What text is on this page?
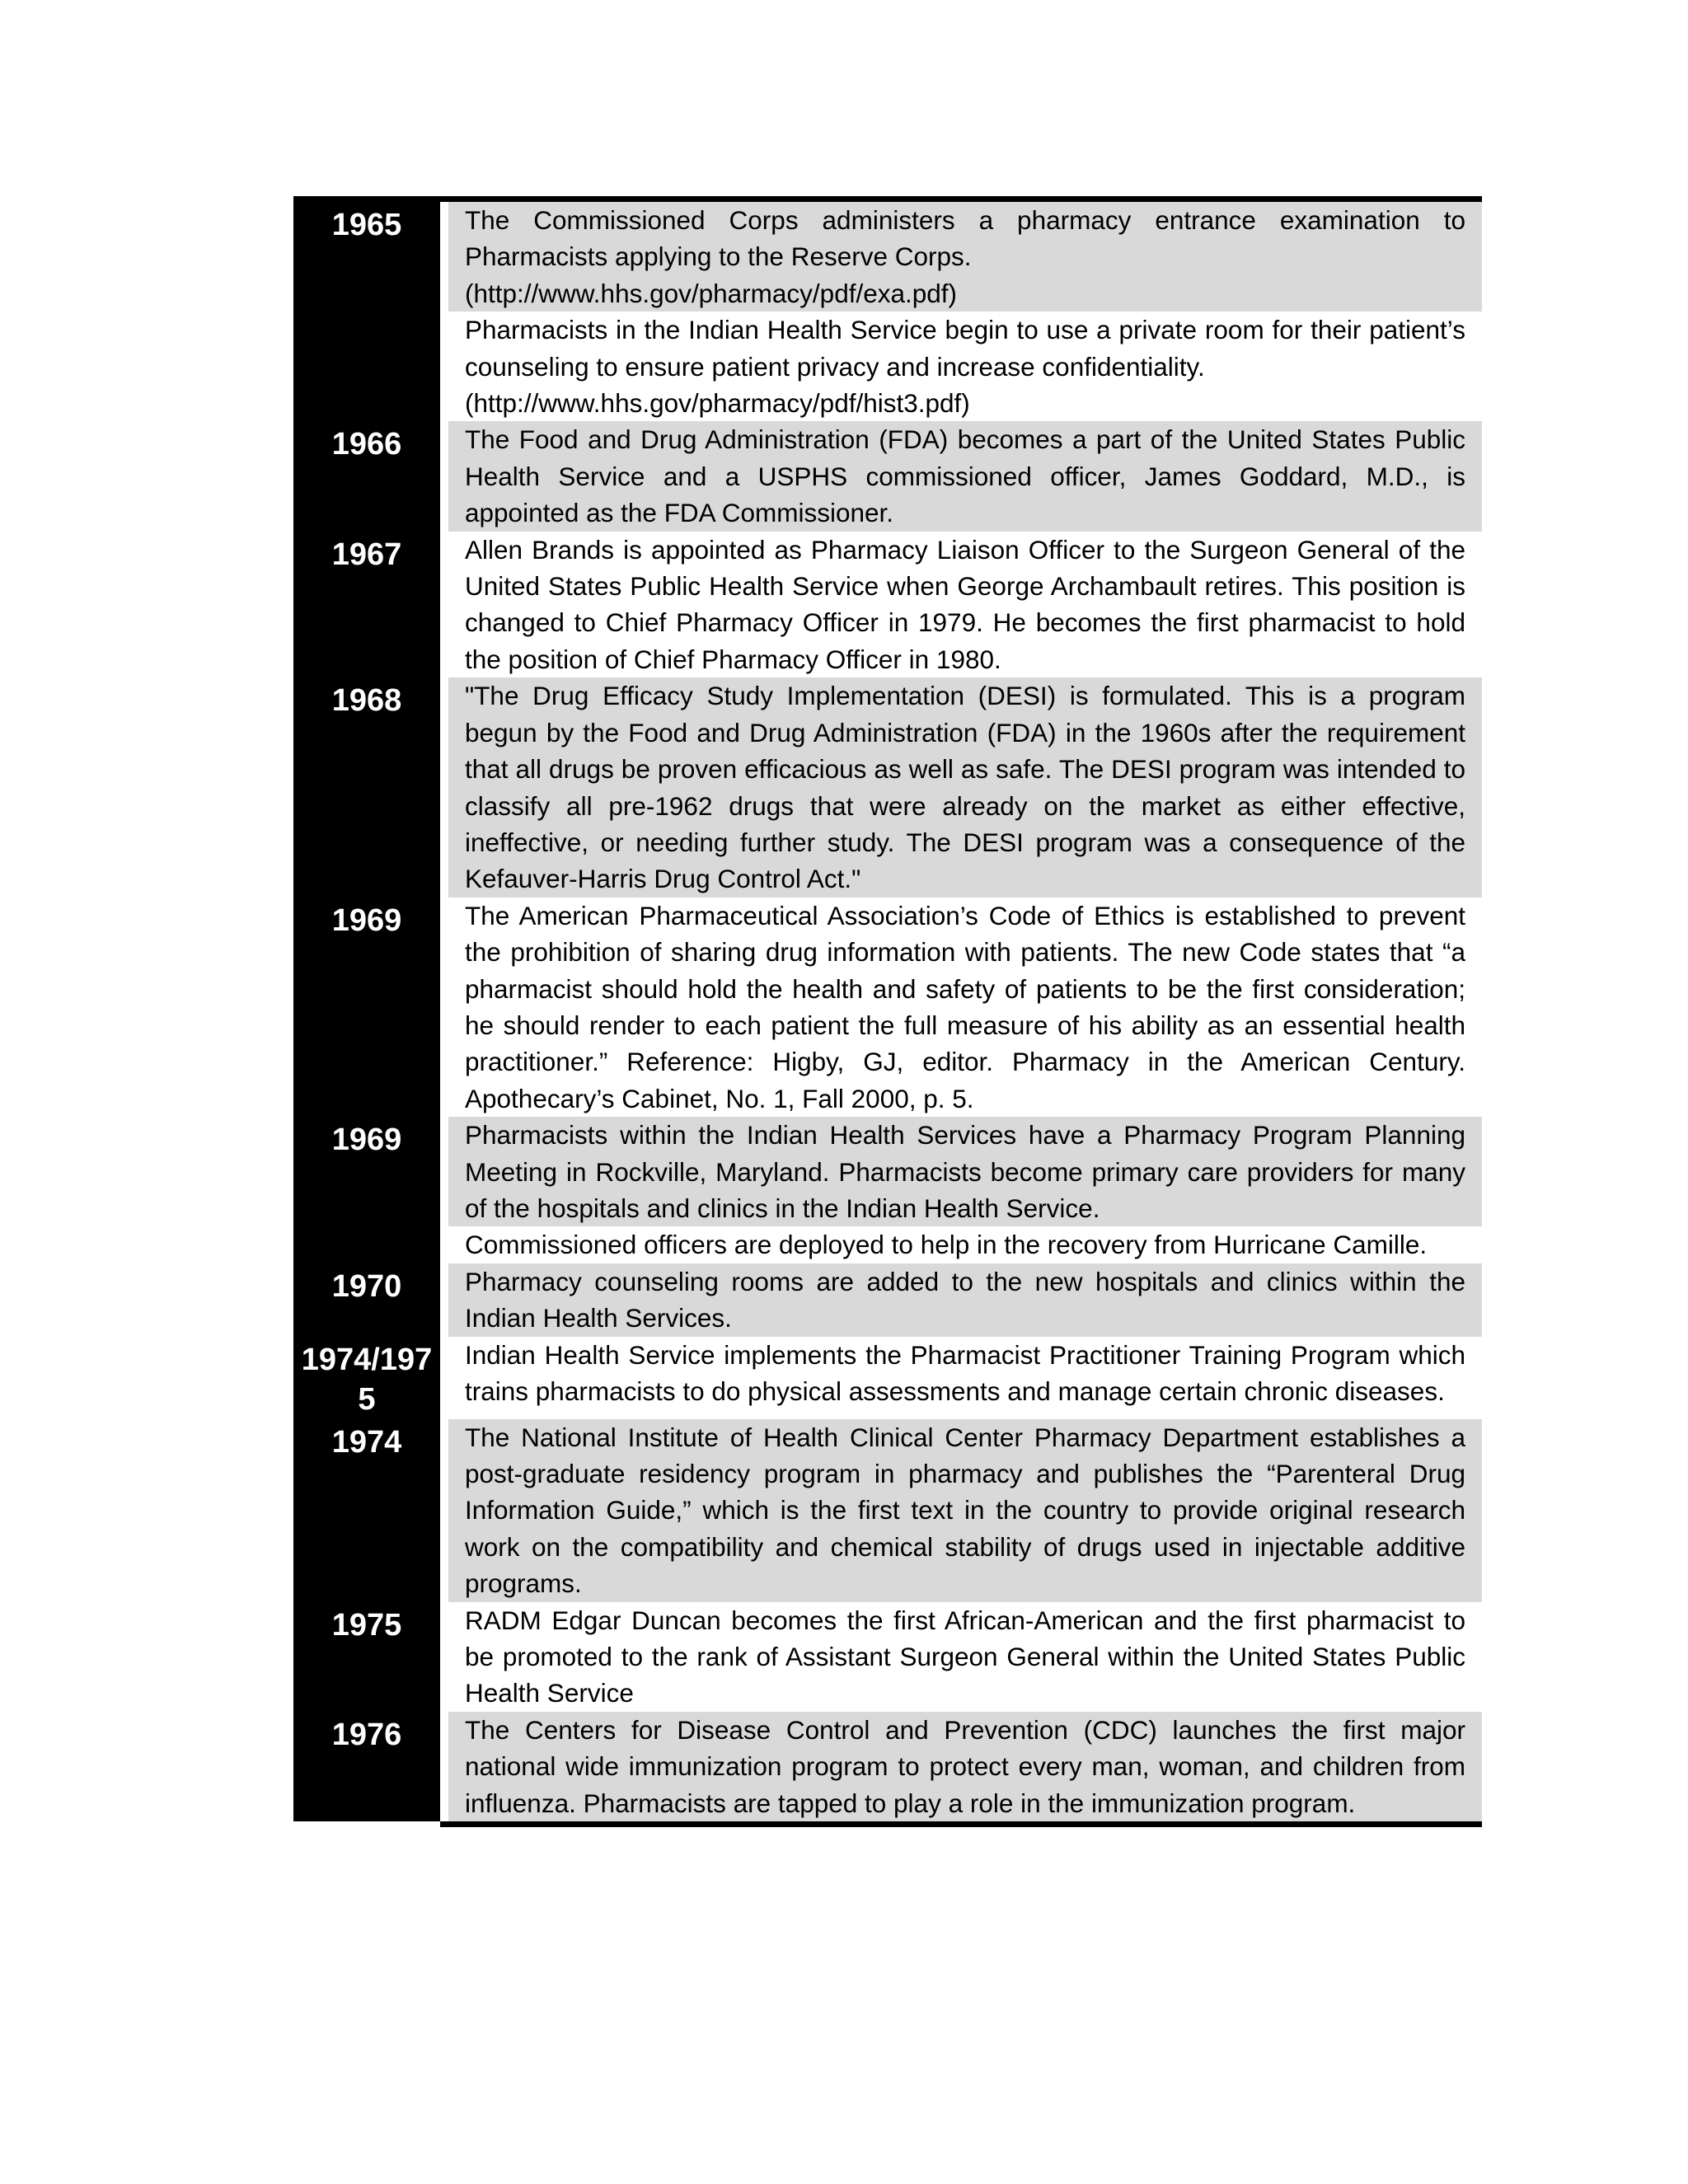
1965		The Commissioned Corps administers a pharmacy entrance examination to Pharmacists applying to the Reserve Corps.
(http://www.hhs.gov/pharmacy/pdf/exa.pdf)

		Pharmacists in the Indian Health Service begin to use a private room for their patient’s counseling to ensure patient privacy and increase confidentiality.
(http://www.hhs.gov/pharmacy/pdf/hist3.pdf)

1966		The Food and Drug Administration (FDA) becomes a part of the United States Public Health Service and a USPHS commissioned officer, James Goddard, M.D., is appointed as the FDA Commissioner.

1967		Allen Brands is appointed as Pharmacy Liaison Officer to the Surgeon General of the United States Public Health Service when George Archambault retires. This position is changed to Chief Pharmacy Officer in 1979. He becomes the first pharmacist to hold the position of Chief Pharmacy Officer in 1980.

1968		"The Drug Efficacy Study Implementation (DESI) is formulated. This is a program begun by the Food and Drug Administration (FDA) in the 1960s after the requirement that all drugs be proven efficacious as well as safe. The DESI program was intended to classify all pre-1962 drugs that were already on the market as either effective, ineffective, or needing further study. The DESI program was a consequence of the Kefauver-Harris Drug Control Act."

1969		The American Pharmaceutical Association’s Code of Ethics is established to prevent the prohibition of sharing drug information with patients. The new Code states that “a pharmacist should hold the health and safety of patients to be the first consideration; he should render to each patient the full measure of his ability as an essential health practitioner.” Reference: Higby, GJ, editor. Pharmacy in the American Century. Apothecary’s Cabinet, No. 1, Fall 2000, p. 5.

1969		Pharmacists within the Indian Health Services have a Pharmacy Program Planning Meeting in Rockville, Maryland. Pharmacists become primary care providers for many of the hospitals and clinics in the Indian Health Service.

		Commissioned officers are deployed to help in the recovery from Hurricane Camille.

1970		Pharmacy counseling rooms are added to the new hospitals and clinics within the Indian Health Services.

1974/1975		Indian Health Service implements the Pharmacist Practitioner Training Program which trains pharmacists to do physical assessments and manage certain chronic diseases.

1974		The National Institute of Health Clinical Center Pharmacy Department establishes a post-graduate residency program in pharmacy and publishes the “Parenteral Drug Information Guide,” which is the first text in the country to provide original research work on the compatibility and chemical stability of drugs used in injectable additive programs.

1975		RADM Edgar Duncan becomes the first African-American and the first pharmacist to be promoted to the rank of Assistant Surgeon General within the United States Public Health Service

1976		The Centers for Disease Control and Prevention (CDC) launches the first major national wide immunization program to protect every man, woman, and children from influenza. Pharmacists are tapped to play a role in the immunization program.
